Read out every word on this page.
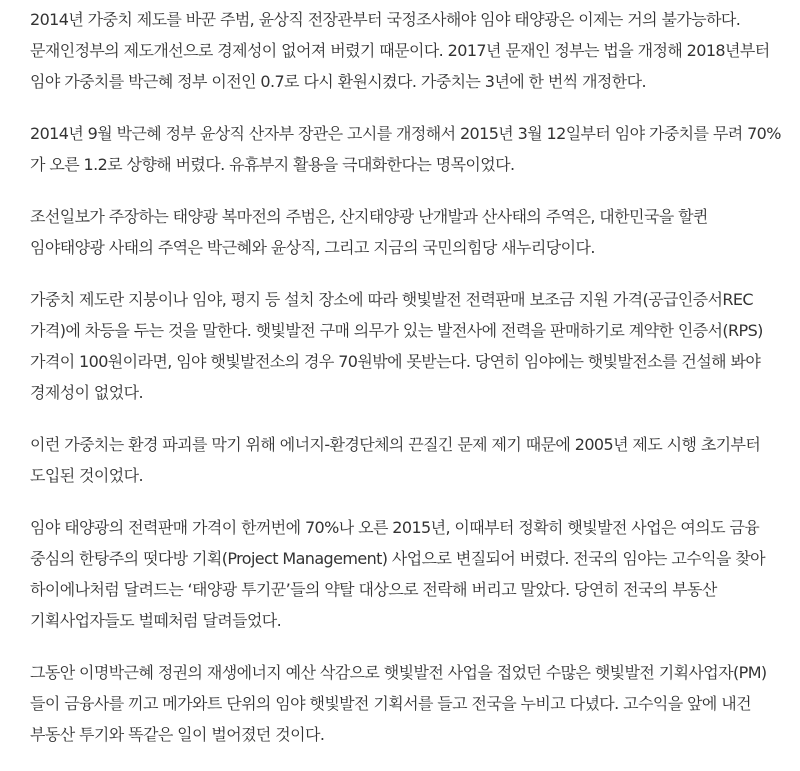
2014년 가중치 제도를 바꾼 주범, 윤상직 전장관부터 국정조사해야 임야 태양광은 이제는 거의 불가능하다. 문재인정부의 제도개선으로 경제성이 없어져 버렸기 때문이다. 2017년 문재인 정부는 법을 개정해 2018년부터 임야 가중치를 박근혜 정부 이전인 0.7로 다시 환원시켰다. 가중치는 3년에 한 번씩 개정한다.

2014년 9월 박근혜 정부 윤상직 산자부 장관은 고시를 개정해서 2015년 3월 12일부터 임야 가중치를 무려 70%가 오른 1.2로 상향해 버렸다. 유휴부지 활용을 극대화한다는 명목이었다.

조선일보가 주장하는 태양광 복마전의 주범은, 산지태양광 난개발과 산사태의 주역은, 대한민국을 할퀸 임야태양광 사태의 주역은 박근혜와 윤상직, 그리고 지금의 국민의힘당 새누리당이다.

가중치 제도란 지붕이나 임야, 평지 등 설치 장소에 따라 햇빛발전 전력판매 보조금 지원 가격(공급인증서REC 가격)에 차등을 두는 것을 말한다. 햇빛발전 구매 의무가 있는 발전사에 전력을 판매하기로 계약한 인증서(RPS) 가격이 100원이라면, 임야 햇빛발전소의 경우 70원밖에 못받는다. 당연히 임야에는 햇빛발전소를 건설해 봐야 경제성이 없었다.

이런 가중치는 환경 파괴를 막기 위해 에너지-환경단체의 끈질긴 문제 제기 때문에 2005년 제도 시행 초기부터 도입된 것이었다.

임야 태양광의 전력판매 가격이 한꺼번에 70%나 오른 2015년, 이때부터 정확히 햇빛발전 사업은 여의도 금융 중심의 한탕주의 떳다방 기획(Project Management) 사업으로 변질되어 버렸다. 전국의 임야는 고수익을 찾아 하이에나처럼 달려드는 ‘태양광 투기꾼’들의 약탈 대상으로 전락해 버리고 말았다. 당연히 전국의 부동산 기획사업자들도 벌떼처럼 달려들었다.

그동안 이명박근혜 정권의 재생에너지 예산 삭감으로 햇빛발전 사업을 접었던 수많은 햇빛발전 기획사업자(PM)들이 금융사를 끼고 메가와트 단위의 임야 햇빛발전 기획서를 들고 전국을 누비고 다녔다. 고수익을 앞에 내건 부동산 투기와 똑같은 일이 벌어졌던 것이다.
